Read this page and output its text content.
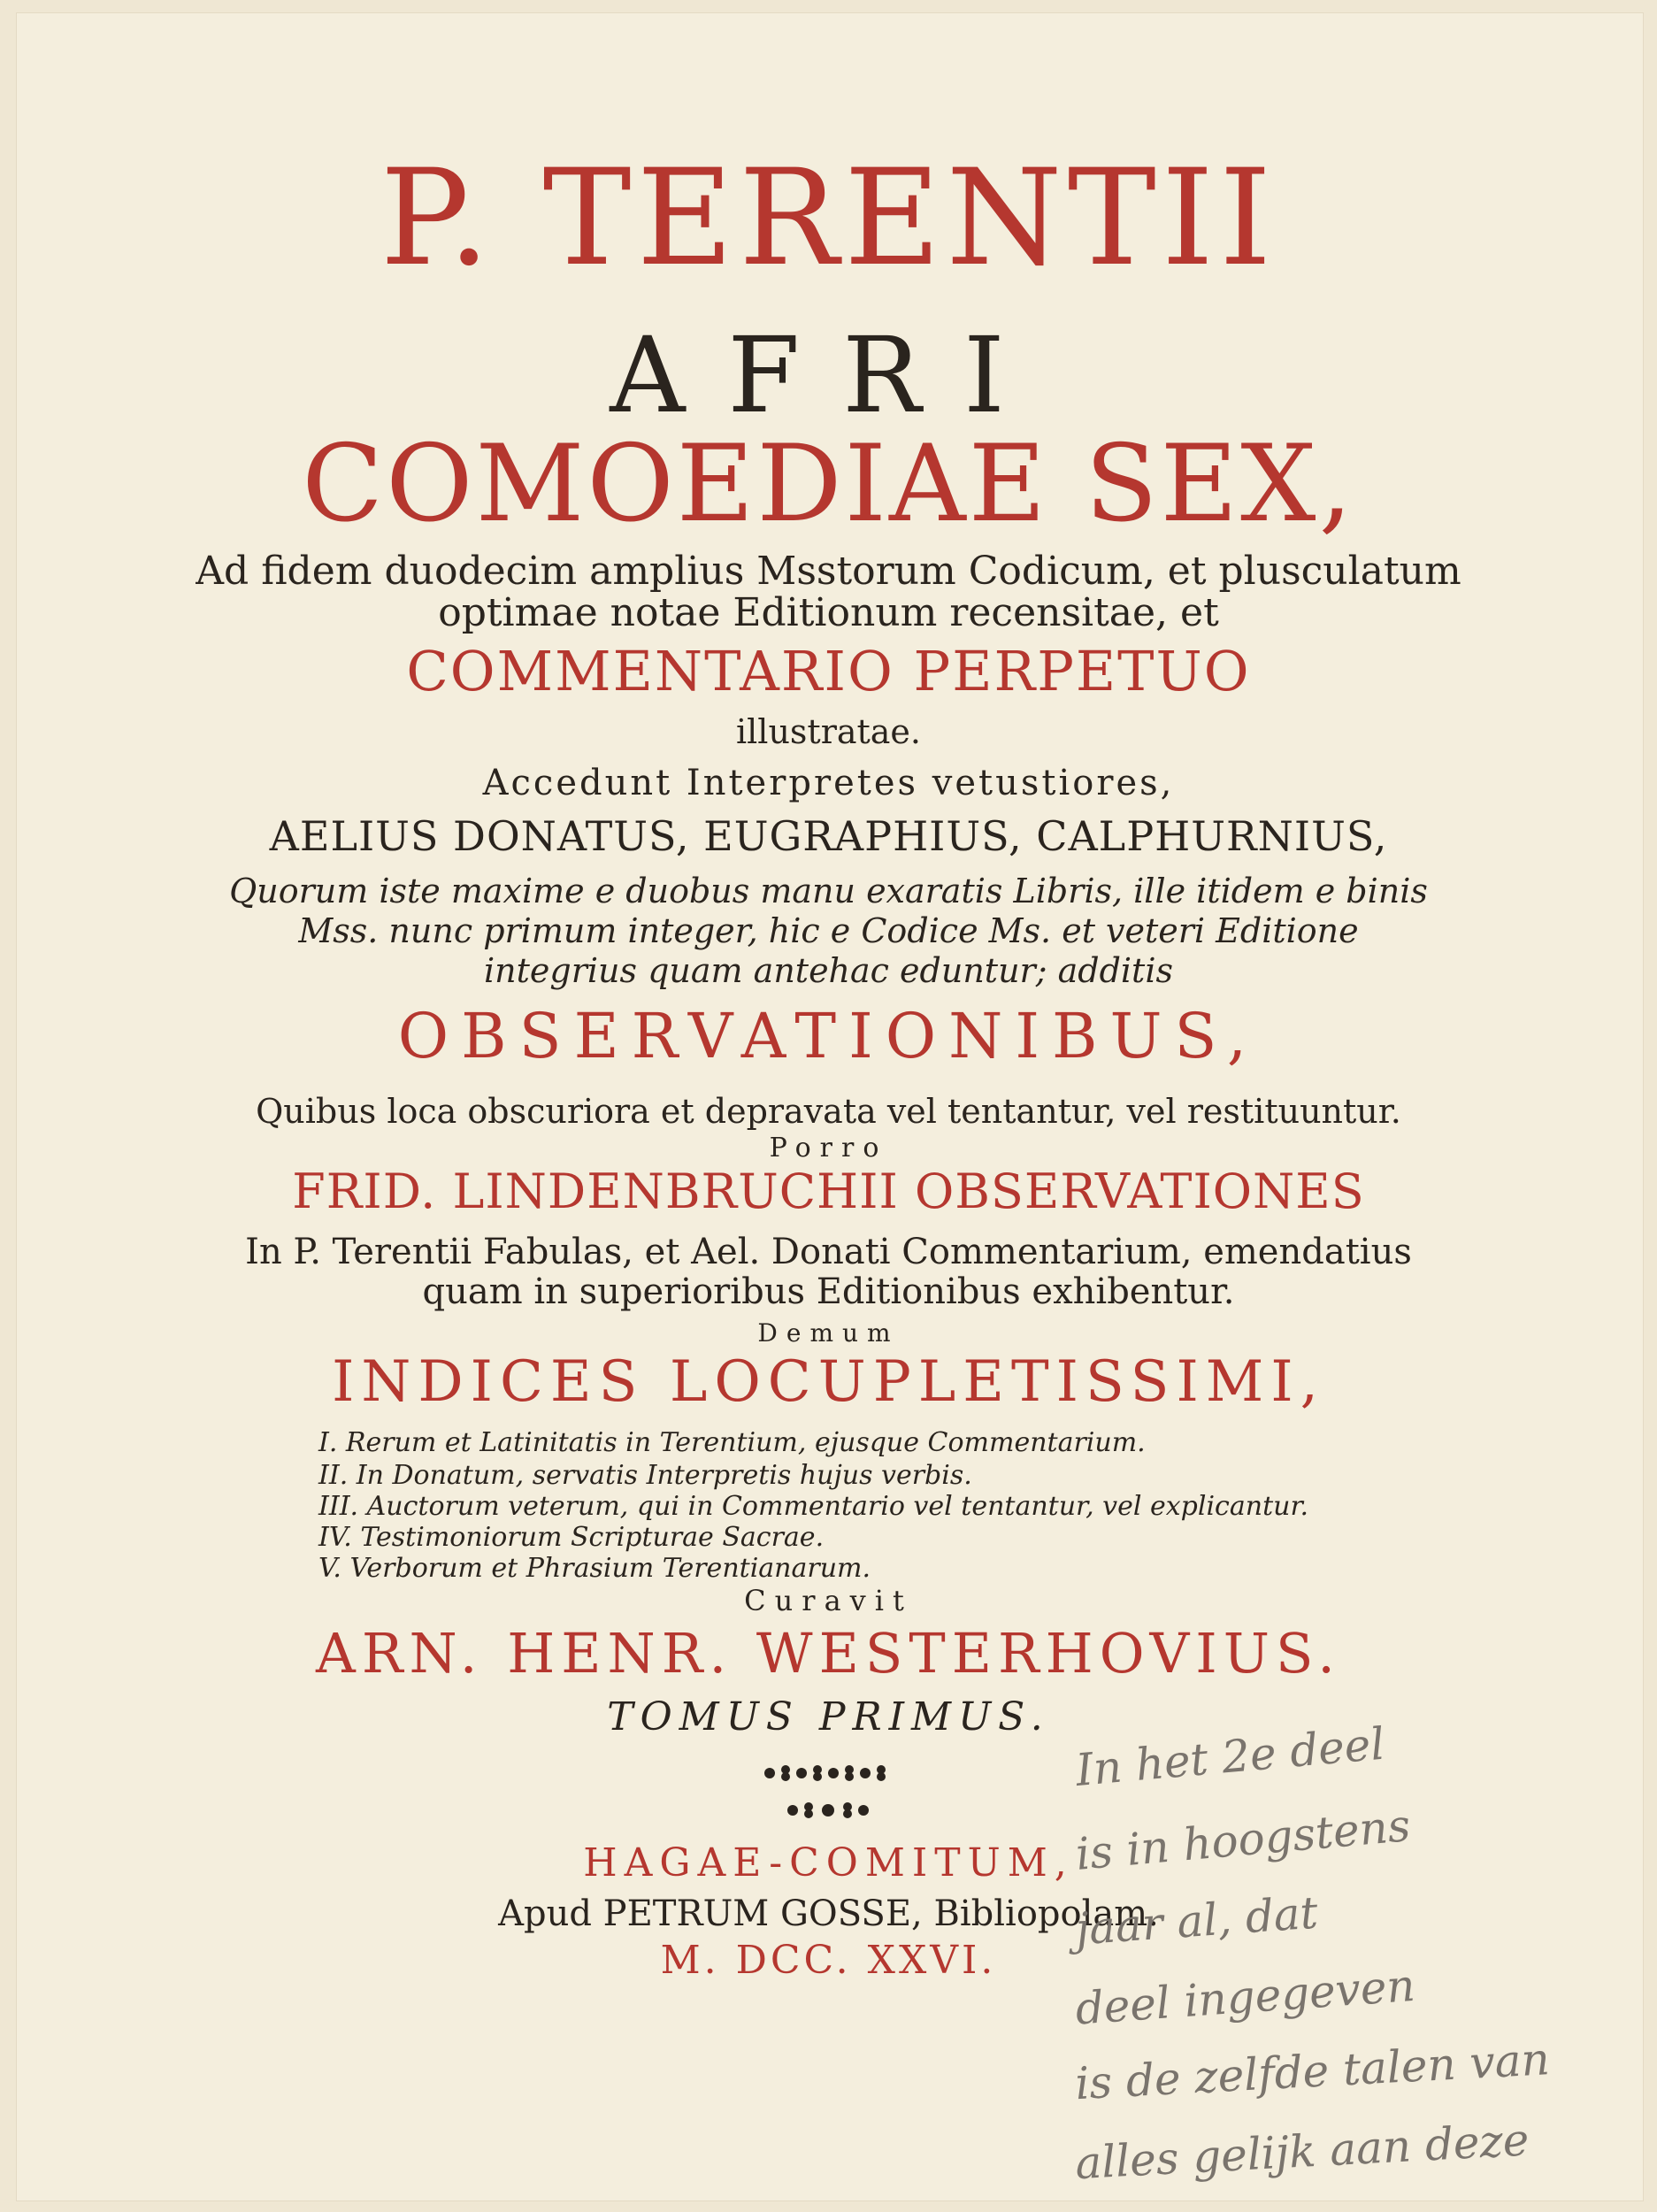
P. TERENTII
AFRI
COMOEDIAE SEX,
Ad fidem duodecim amplius Msstorum Codicum, et plusculatum
optimae notae Editionum recensitae, et
COMMENTARIO PERPETUO
illustratae.
Accedunt Interpretes vetustiores,
AELIUS DONATUS, EUGRAPHIUS, CALPHURNIUS,
Quorum iste maxime e duobus manu exaratis Libris, ille itidem e binis
Mss. nunc primum integer, hic e Codice Ms. et veteri Editione
integrius quam antehac eduntur; additis
OBSERVATIONIBUS,
Quibus loca obscuriora et depravata vel tentantur, vel restituuntur.
Porro
FRID. LINDENBRUCHII OBSERVATIONES
In P. Terentii Fabulas, et Ael. Donati Commentarium, emendatius
quam in superioribus Editionibus exhibentur.
Demum
INDICES LOCUPLETISSIMI,
I. Rerum et Latinitatis in Terentium, ejusque Commentarium.
II. In Donatum, servatis Interpretis hujus verbis.
III. Auctorum veterum, qui in Commentario vel tentantur, vel explicantur.
IV. Testimoniorum Scripturae Sacrae.
V. Verborum et Phrasium Terentianarum.
Curavit
ARN. HENR. WESTERHOVIUS.
TOMUS PRIMUS.
HAGAE-COMITUM,
Apud PETRUM GOSSE, Bibliopolam.
M. DCC. XXVI.
In het 2e deel
is in hoogstens
jaar al, dat
deel ingegeven
is de zelfde talen van
alles gelijk aan deze
